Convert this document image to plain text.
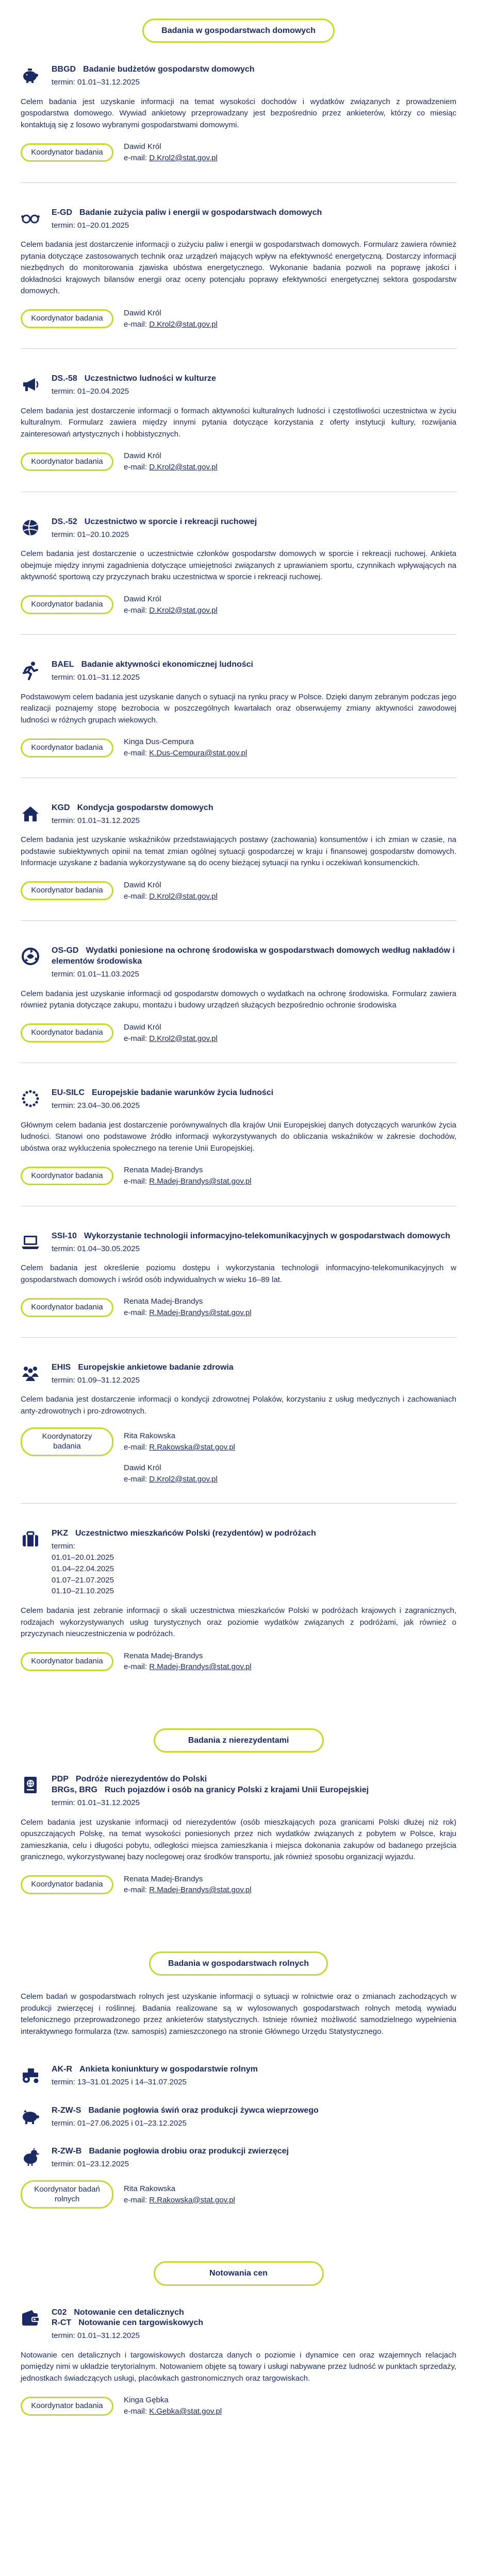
Badania w gospodarstwach domowych
BBGD Badanie budżetów gospodarstw domowych
termin: 01.01–31.12.2025

Celem badania jest uzyskanie informacji na temat wysokości dochodów i wydatków związanych z prowadzeniem gospodarstwa domowego. Wywiad ankietowy przeprowadzany jest bezpośrednio przez ankieterów, którzy co miesiąc kontaktują się z losowo wybranymi gospodarstwami domowymi.

Koordynator badania
Dawid Król
e-mail: D.Krol2@stat.gov.pl
E-GD Badanie zużycia paliw i energii w gospodarstwach domowych
termin: 01–20.01.2025

Celem badania jest dostarczenie informacji o zużyciu paliw i energii w gospodarstwach domowych. Formularz zawiera również pytania dotyczące zastosowanych technik oraz urządzeń mających wpływ na efektywność energetyczną. Dostarczy informacji niezbędnych do monitorowania zjawiska ubóstwa energetycznego. Wykonanie badania pozwoli na poprawę jakości i dokładności krajowych bilansów energii oraz oceny potencjału poprawy efektywności energetycznej sektora gospodarstw domowych.

Koordynator badania
Dawid Król
e-mail: D.Krol2@stat.gov.pl
DS.-58 Uczestnictwo ludności w kulturze
termin: 01–20.04.2025

Celem badania jest dostarczenie informacji o formach aktywności kulturalnych ludności i częstotliwości uczestnictwa w życiu kulturalnym. Formularz zawiera między innymi pytania dotyczące korzystania z oferty instytucji kultury, rozwijania zainteresowań artystycznych i hobbistycznych.

Koordynator badania
Dawid Król
e-mail: D.Krol2@stat.gov.pl
DS.-52 Uczestnictwo w sporcie i rekreacji ruchowej
termin: 01–20.10.2025

Celem badania jest dostarczenie o uczestnictwie członków gospodarstw domowych w sporcie i rekreacji ruchowej. Ankieta obejmuje między innymi zagadnienia dotyczące umiejętności związanych z uprawianiem sportu, czynnikach wpływających na aktywność sportową czy przyczynach braku uczestnictwa w sporcie i rekreacji ruchowej.

Koordynator badania
Dawid Król
e-mail: D.Krol2@stat.gov.pl
BAEL Badanie aktywności ekonomicznej ludności
termin: 01.01–31.12.2025

Podstawowym celem badania jest uzyskanie danych o sytuacji na rynku pracy w Polsce. Dzięki danym zebranym podczas jego realizacji poznajemy stopę bezrobocia w poszczególnych kwartałach oraz obserwujemy zmiany aktywności zawodowej ludności w różnych grupach wiekowych.

Koordynator badania
Kinga Dus-Cempura
e-mail: K.Dus-Cempura@stat.gov.pl
KGD Kondycja gospodarstw domowych
termin: 01.01–31.12.2025

Celem badania jest uzyskanie wskaźników przedstawiających postawy (zachowania) konsumentów i ich zmian w czasie, na podstawie subiektywnych opinii na temat zmian ogólnej sytuacji gospodarczej w kraju i finansowej gospodarstw domowych. Informacje uzyskane z badania wykorzystywane są do oceny bieżącej sytuacji na rynku i oczekiwań konsumenckich.

Koordynator badania
Dawid Król
e-mail: D.Krol2@stat.gov.pl
OS-GD Wydatki poniesione na ochronę środowiska w gospodarstwach domowych według nakładów i elementów środowiska
termin: 01.01–11.03.2025

Celem badania jest uzyskanie informacji od gospodarstw domowych o wydatkach na ochronę środowiska. Formularz zawiera również pytania dotyczące zakupu, montażu i budowy urządzeń służących bezpośrednio ochronie środowiska

Koordynator badania
Dawid Król
e-mail: D.Krol2@stat.gov.pl
EU-SILC Europejskie badanie warunków życia ludności
termin: 23.04–30.06.2025

Głównym celem badania jest dostarczenie porównywalnych dla krajów Unii Europejskiej danych dotyczących warunków życia ludności. Stanowi ono podstawowe źródło informacji wykorzystywanych do obliczania wskaźników w zakresie dochodów, ubóstwa oraz wykluczenia społecznego na terenie Unii Europejskiej.

Koordynator badania
Renata Madej-Brandys
e-mail: R.Madej-Brandys@stat.gov.pl
SSI-10 Wykorzystanie technologii informacyjno-telekomunikacyjnych w gospodarstwach domowych
termin: 01.04–30.05.2025

Celem badania jest określenie poziomu dostępu i wykorzystania technologii informacyjno-telekomunikacyjnych w gospodarstwach domowych i wśród osób indywidualnych w wieku 16–89 lat.

Koordynator badania
Renata Madej-Brandys
e-mail: R.Madej-Brandys@stat.gov.pl
EHIS Europejskie ankietowe badanie zdrowia
termin: 01.09–31.12.2025

Celem badania jest dostarczenie informacji o kondycji zdrowotnej Polaków, korzystaniu z usług medycznych i zachowaniach anty-zdrowotnych i pro-zdrowotnych.

Koordynatorzy badania
Rita Rakowska
e-mail: R.Rakowska@stat.gov.pl
Dawid Król
e-mail: D.Krol2@stat.gov.pl
PKZ Uczestnictwo mieszkańców Polski (rezydentów) w podróżach
termin:
01.01–20.01.2025
01.04–22.04.2025
01.07–21.07.2025
01.10–21.10.2025

Celem badania jest zebranie informacji o skali uczestnictwa mieszkańców Polski w podróżach krajowych i zagranicznych, rodzajach wykorzystywanych usług turystycznych oraz poziomie wydatków związanych z podróżami, jak również o przyczynach nieuczestniczenia w podróżach.

Koordynator badania
Renata Madej-Brandys
e-mail: R.Madej-Brandys@stat.gov.pl
Badania z nierezydentami
PDP Podróże nierezydentów do Polski
BRGs, BRG Ruch pojazdów i osób na granicy Polski z krajami Unii Europejskiej
termin: 01.01–31.12.2025

Celem badania jest uzyskanie informacji od nierezydentów (osób mieszkających poza granicami Polski dłużej niż rok) opuszczających Polskę, na temat wysokości poniesionych przez nich wydatków związanych z pobytem w Polsce, kraju zamieszkania, celu i długości pobytu, odległości miejsca zamieszkania i miejsca dokonania zakupów od badanego przejścia granicznego, wykorzystywanej bazy noclegowej oraz środków transportu, jak również sposobu organizacji wyjazdu.

Koordynator badania
Renata Madej-Brandys
e-mail: R.Madej-Brandys@stat.gov.pl
Badania w gospodarstwach rolnych

Celem badań w gospodarstwach rolnych jest uzyskanie informacji o sytuacji w rolnictwie oraz o zmianach zachodzących w produkcji zwierzęcej i roślinnej. Badania realizowane są w wylosowanych gospodarstwach rolnych metodą wywiadu telefonicznego przeprowadzonego przez ankieterów statystycznych. Istnieje również możliwość samodzielnego wypełnienia interaktywnego formularza (tzw. samospis) zamieszczonego na stronie Głównego Urzędu Statystycznego.

AK-R Ankieta koniunktury w gospodarstwie rolnym
termin: 13–31.01.2025 i 14–31.07.2025
R-ZW-S Badanie pogłowia świń oraz produkcji żywca wieprzowego
termin: 01–27.06.2025 i 01–23.12.2025
R-ZW-B Badanie pogłowia drobiu oraz produkcji zwierzęcej
termin: 01–23.12.2025
Koordynator badań rolnych
Rita Rakowska
e-mail: R.Rakowska@stat.gov.pl
Notowania cen
C02 Notowanie cen detalicznych
R-CT Notowanie cen targowiskowych
termin: 01.01–31.12.2025

Notowanie cen detalicznych i targowiskowych dostarcza danych o poziomie i dynamice cen oraz wzajemnych relacjach pomiędzy nimi w układzie terytorialnym. Notowaniem objęte są towary i usługi nabywane przez ludność w punktach sprzedaży, jednostkach świadczących usługi, placówkach gastronomicznych oraz targowiskach.

Koordynator badania
Kinga Gębka
e-mail: K.Gebka@stat.gov.pl
